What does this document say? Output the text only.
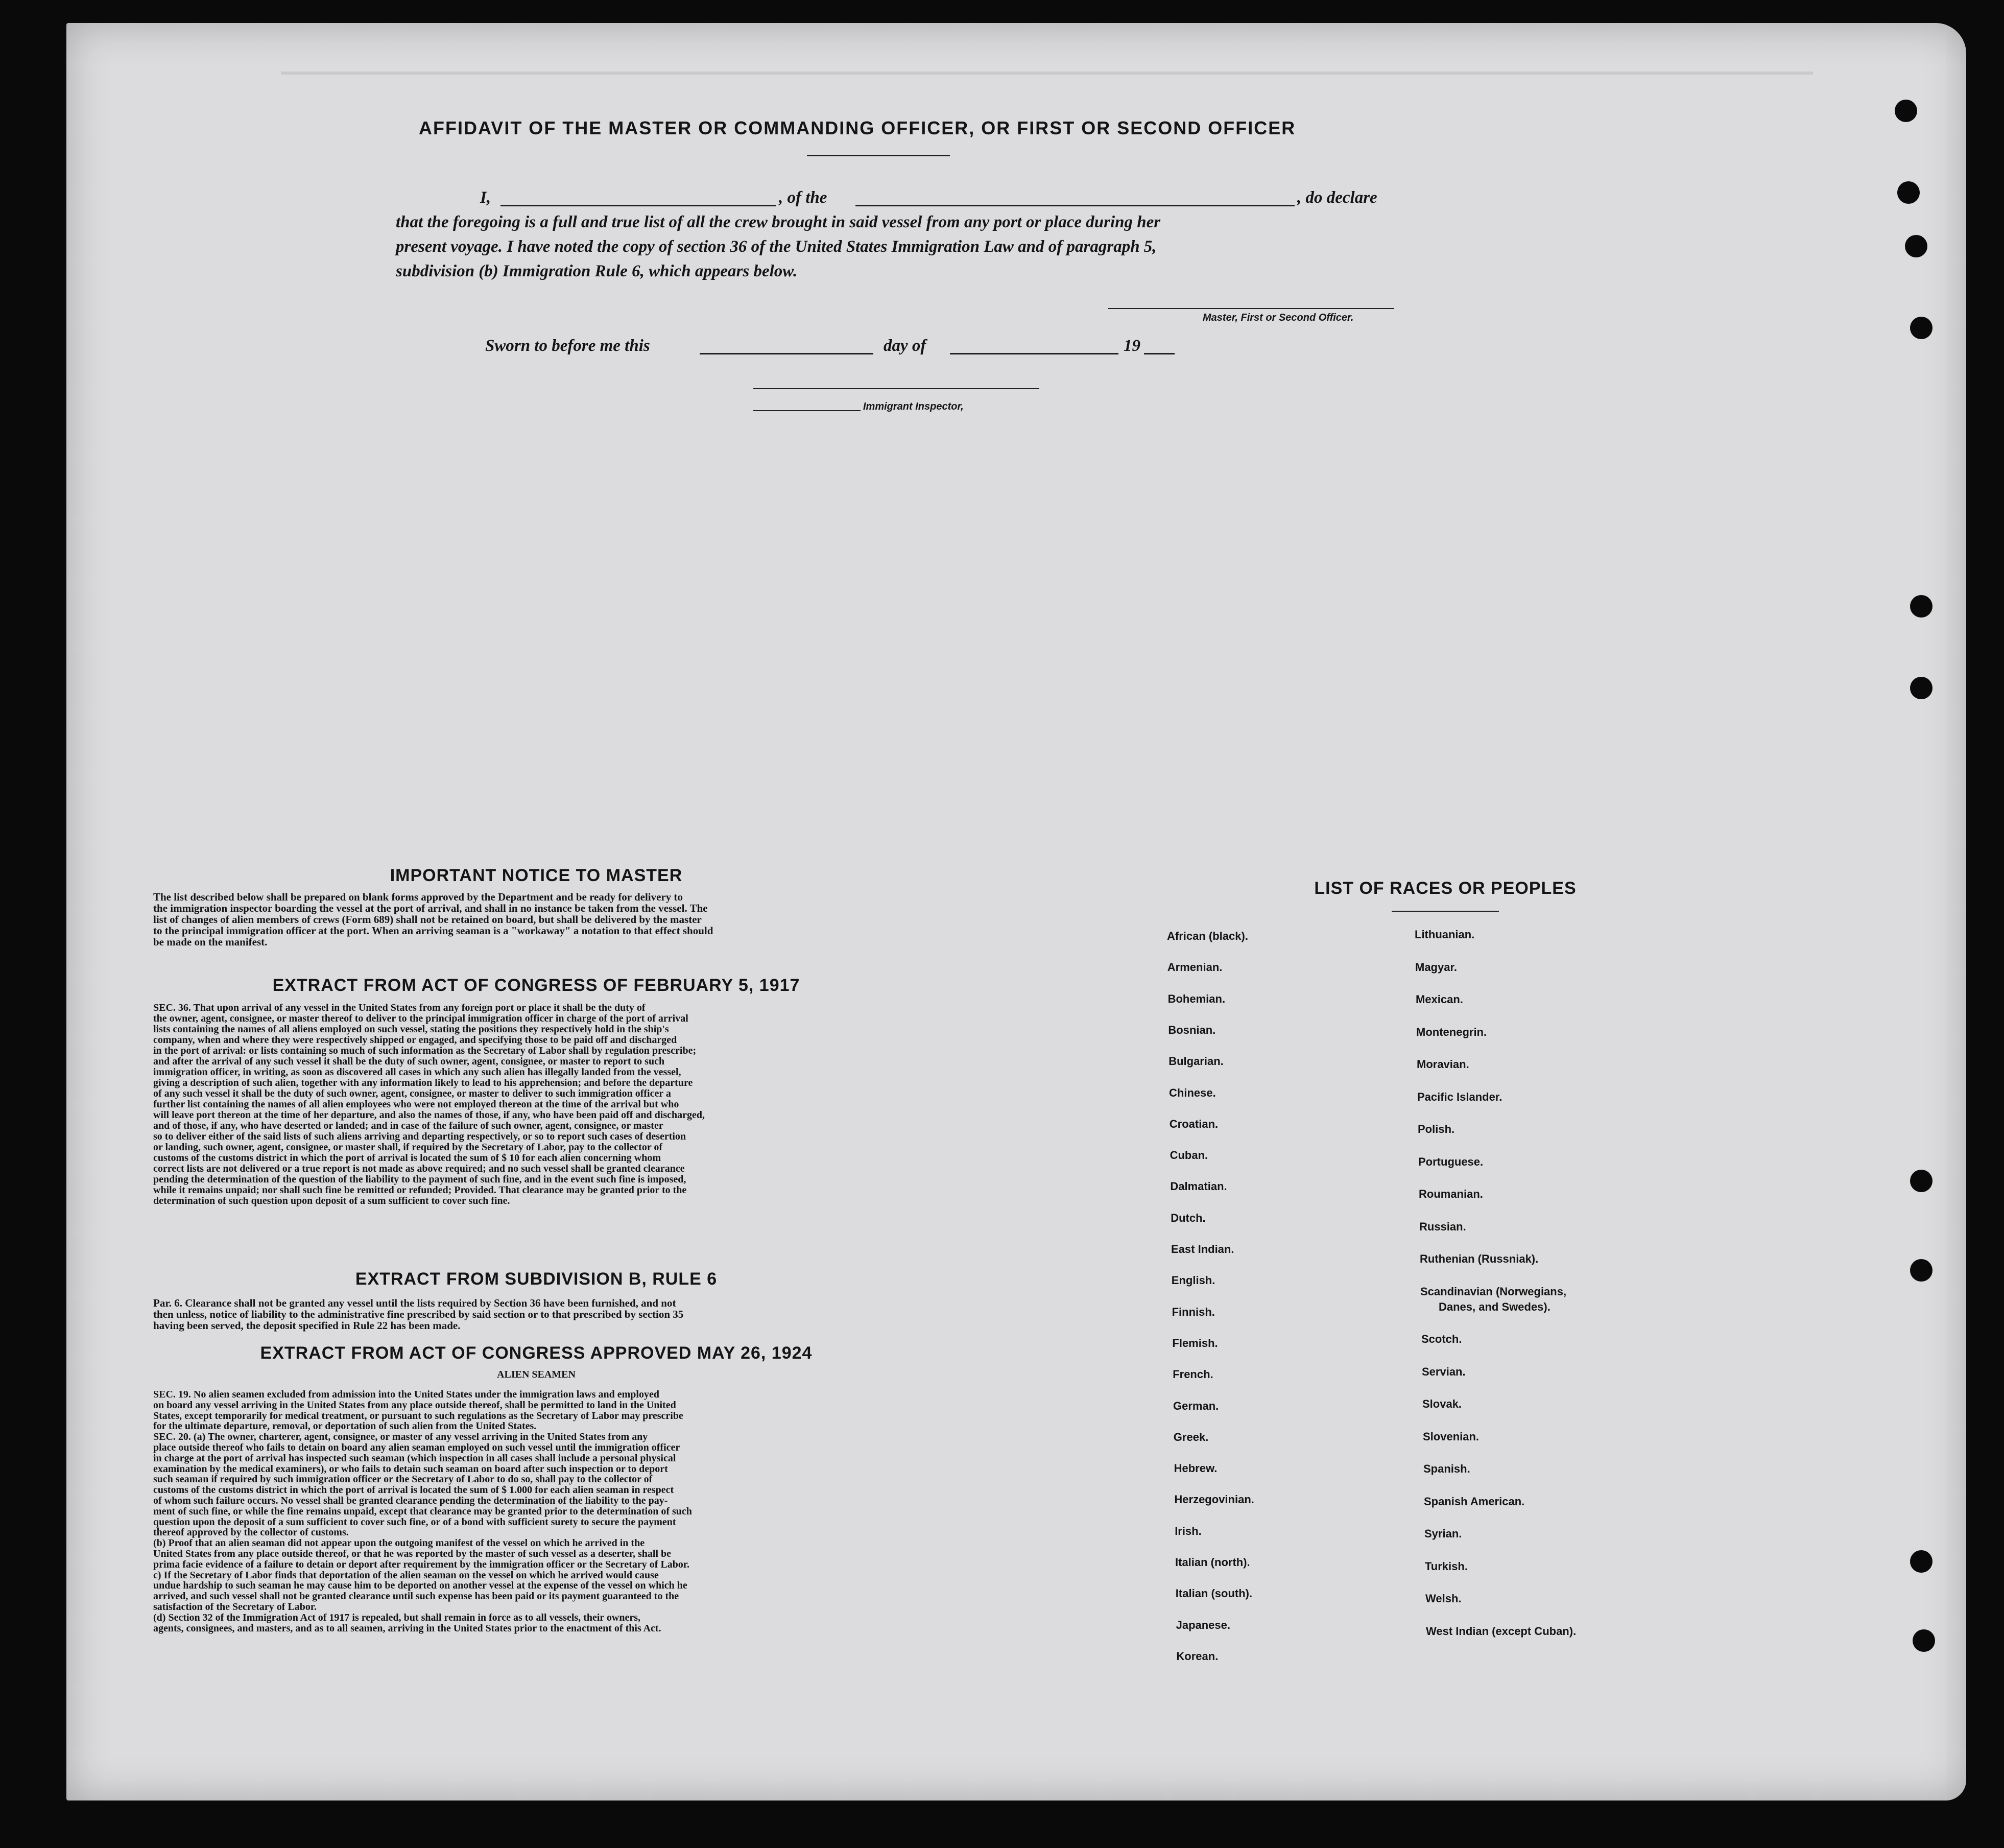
AFFIDAVIT OF THE MASTER OR COMMANDING OFFICER, OR FIRST OR SECOND OFFICER
I,	, of the	, do declare
that the foregoing is a full and true list of all the crew brought in said vessel from any port or place during her
present voyage. I have noted the copy of section 36 of the United States Immigration Law and of paragraph 5,
subdivision (b) Immigration Rule 6, which appears below.
Master, First or Second Officer.
Sworn to before me this	day of	19
Immigrant Inspector,
IMPORTANT NOTICE TO MASTER
The list described below shall be prepared on blank forms approved by the Department and be ready for delivery to
the immigration inspector boarding the vessel at the port of arrival, and shall in no instance be taken from the vessel. The
list of changes of alien members of crews (Form 689) shall not be retained on board, but shall be delivered by the master
to the principal immigration officer at the port. When an arriving seaman is a "workaway" a notation to that effect should
be made on the manifest.
EXTRACT FROM ACT OF CONGRESS OF FEBRUARY 5, 1917
SEC. 36. That upon arrival of any vessel in the United States from any foreign port or place it shall be the duty of
the owner, agent, consignee, or master thereof to deliver to the principal immigration officer in charge of the port of arrival
lists containing the names of all aliens employed on such vessel, stating the positions they respectively hold in the ship's
company, when and where they were respectively shipped or engaged, and specifying those to be paid off and discharged
in the port of arrival: or lists containing so much of such information as the Secretary of Labor shall by regulation prescribe;
and after the arrival of any such vessel it shall be the duty of such owner, agent, consignee, or master to report to such
immigration officer, in writing, as soon as discovered all cases in which any such alien has illegally landed from the vessel,
giving a description of such alien, together with any information likely to lead to his apprehension; and before the departure
of any such vessel it shall be the duty of such owner, agent, consignee, or master to deliver to such immigration officer a
further list containing the names of all alien employees who were not employed thereon at the time of the arrival but who
will leave port thereon at the time of her departure, and also the names of those, if any, who have been paid off and discharged,
and of those, if any, who have deserted or landed; and in case of the failure of such owner, agent, consignee, or master
so to deliver either of the said lists of such aliens arriving and departing respectively, or so to report such cases of desertion
or landing, such owner, agent, consignee, or master shall, if required by the Secretary of Labor, pay to the collector of
customs of the customs district in which the port of arrival is located the sum of $ 10 for each alien concerning whom
correct lists are not delivered or a true report is not made as above required; and no such vessel shall be granted clearance
pending the determination of the question of the liability to the payment of such fine, and in the event such fine is imposed,
while it remains unpaid; nor shall such fine be remitted or refunded; Provided. That clearance may be granted prior to the
determination of such question upon deposit of a sum sufficient to cover such fine.
EXTRACT FROM SUBDIVISION B, RULE 6
Par. 6. Clearance shall not be granted any vessel until the lists required by Section 36 have been furnished, and not
then unless, notice of liability to the administrative fine prescribed by said section or to that prescribed by section 35
having been served, the deposit specified in Rule 22 has been made.
EXTRACT FROM ACT OF CONGRESS APPROVED MAY 26, 1924
ALIEN SEAMEN
SEC. 19. No alien seamen excluded from admission into the United States under the immigration laws and employed
on board any vessel arriving in the United States from any place outside thereof, shall be permitted to land in the United
States, except temporarily for medical treatment, or pursuant to such regulations as the Secretary of Labor may prescribe
for the ultimate departure, removal, or deportation of such alien from the United States.
SEC. 20. (a) The owner, charterer, agent, consignee, or master of any vessel arriving in the United States from any
place outside thereof who fails to detain on board any alien seaman employed on such vessel until the immigration officer
in charge at the port of arrival has inspected such seaman (which inspection in all cases shall include a personal physical
examination by the medical examiners), or who fails to detain such seaman on board after such inspection or to deport
such seaman if required by such immigration officer or the Secretary of Labor to do so, shall pay to the collector of
customs of the customs district in which the port of arrival is located the sum of $ 1.000 for each alien seaman in respect
of whom such failure occurs. No vessel shall be granted clearance pending the determination of the liability to the pay-
ment of such fine, or while the fine remains unpaid, except that clearance may be granted prior to the determination of such
question upon the deposit of a sum sufficient to cover such fine, or of a bond with sufficient surety to secure the payment
thereof approved by the collector of customs.
(b) Proof that an alien seaman did not appear upon the outgoing manifest of the vessel on which he arrived in the
United States from any place outside thereof, or that he was reported by the master of such vessel as a deserter, shall be
prima facie evidence of a failure to detain or deport after requirement by the immigration officer or the Secretary of Labor.
c) If the Secretary of Labor finds that deportation of the alien seaman on the vessel on which he arrived would cause
undue hardship to such seaman he may cause him to be deported on another vessel at the expense of the vessel on which he
arrived, and such vessel shall not be granted clearance until such expense has been paid or its payment guaranteed to the
satisfaction of the Secretary of Labor.
(d) Section 32 of the Immigration Act of 1917 is repealed, but shall remain in force as to all vessels, their owners,
agents, consignees, and masters, and as to all seamen, arriving in the United States prior to the enactment of this Act.
LIST OF RACES OR PEOPLES
African (black).
Armenian.
Bohemian.
Bosnian.
Bulgarian.
Chinese.
Croatian.
Cuban.
Dalmatian.
Dutch.
East Indian.
English.
Finnish.
Flemish.
French.
German.
Greek.
Hebrew.
Herzegovinian.
Irish.
Italian (north).
Italian (south).
Japanese.
Korean.
Lithuanian.
Magyar.
Mexican.
Montenegrin.
Moravian.
Pacific Islander.
Polish.
Portuguese.
Roumanian.
Russian.
Ruthenian (Russniak).
Scandinavian (Norwegians,
Danes, and Swedes).
Scotch.
Servian.
Slovak.
Slovenian.
Spanish.
Spanish American.
Syrian.
Turkish.
Welsh.
West Indian (except Cuban).
